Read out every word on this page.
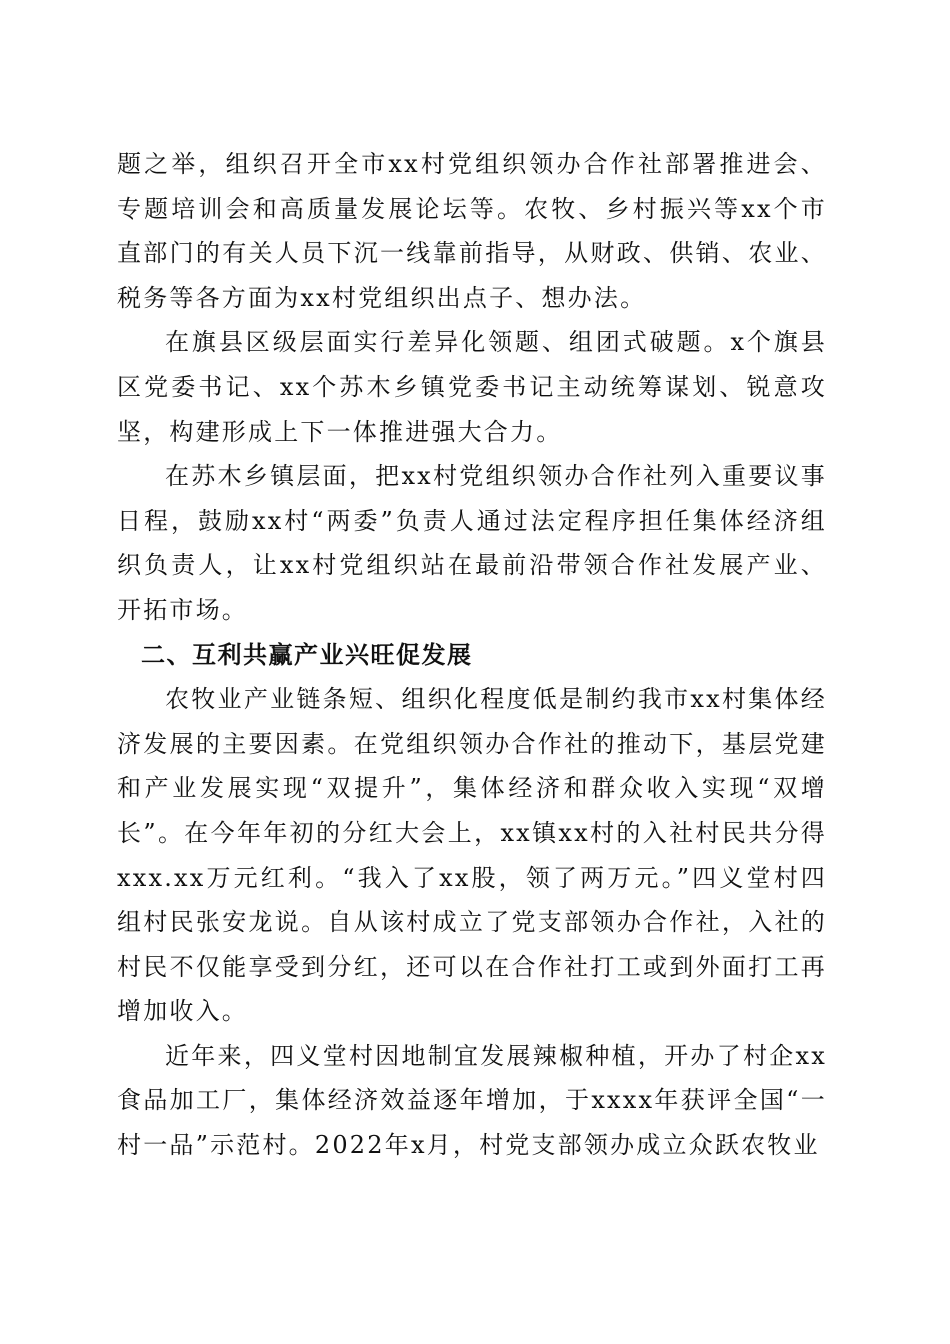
题之举，组织召开全市xx村党组织领办合作社部署推进会、专题培训会和高质量发展论坛等。农牧、乡村振兴等xx个市直部门的有关人员下沉一线靠前指导，从财政、供销、农业、税务等各方面为xx村党组织出点子、想办法。

在旗县区级层面实行差异化领题、组团式破题。x个旗县区党委书记、xx个苏木乡镇党委书记主动统筹谋划、锐意攻坚，构建形成上下一体推进强大合力。

在苏木乡镇层面，把xx村党组织领办合作社列入重要议事日程，鼓励xx村“两委”负责人通过法定程序担任集体经济组织负责人，让xx村党组织站在最前沿带领合作社发展产业、开拓市场。

二、互利共赢产业兴旺促发展

农牧业产业链条短、组织化程度低是制约我市xx村集体经济发展的主要因素。在党组织领办合作社的推动下，基层党建和产业发展实现“双提升”，集体经济和群众收入实现“双增长”。在今年年初的分红大会上，xx镇xx村的入社村民共分得xxx.xx万元红利。“我入了xx股，领了两万元。”四义堂村四组村民张安龙说。自从该村成立了党支部领办合作社，入社的村民不仅能享受到分红，还可以在合作社打工或到外面打工再增加收入。

近年来，四义堂村因地制宜发展辣椒种植，开办了村企xx食品加工厂，集体经济效益逐年增加，于xxxx年获评全国“一村一品”示范村。2022年x月，村党支部领办成立众跃农牧业
